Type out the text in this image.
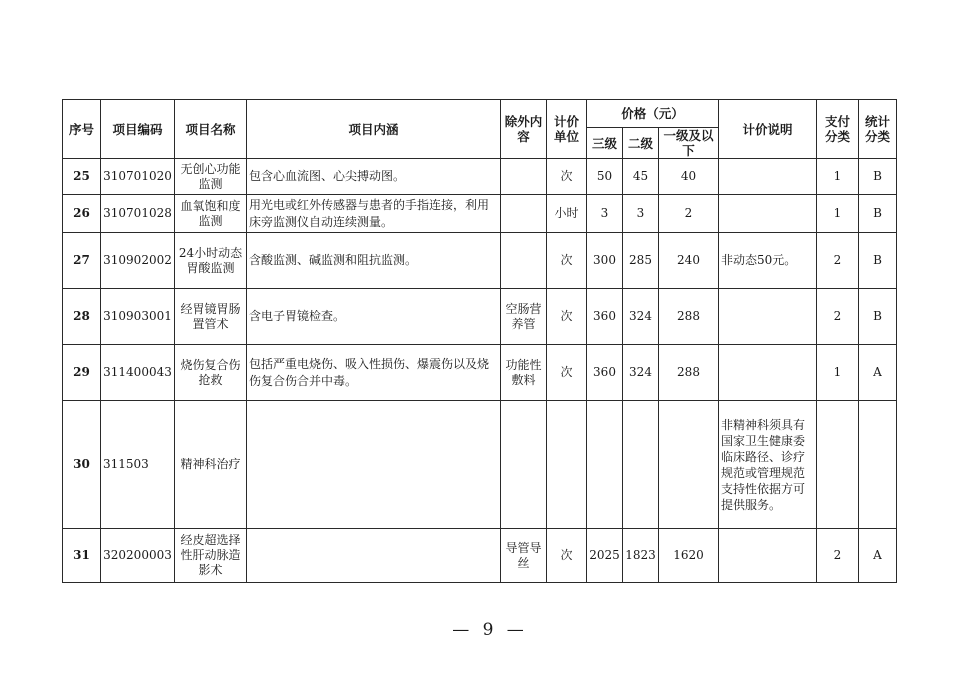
序号	项目编码	项目名称	项目内涵	除外内容	计价单位	价格（元）			计价说明	支付分类	统计分类
						三级	二级	一级及以下			
25	310701020	无创心功能监测	包含心血流图、心尖搏动图。		次	50	45	40		1	B
26	310701028	血氧饱和度监测	用光电或红外传感器与患者的手指连接，利用床旁监测仪自动连续测量。		小时	3	3	2		1	B
27	310902002	24小时动态胃酸监测	含酸监测、碱监测和阻抗监测。		次	300	285	240	非动态50元。	2	B
28	310903001	经胃镜胃肠置管术	含电子胃镜检查。	空肠营养管	次	360	324	288		2	B
29	311400043	烧伤复合伤抢救	包括严重电烧伤、吸入性损伤、爆震伤以及烧伤复合伤合并中毒。	功能性敷料	次	360	324	288		1	A
30	311503	精神科治疗							非精神科须具有国家卫生健康委临床路径、诊疗规范或管理规范支持性依据方可提供服务。		
31	320200003	经皮超选择性肝动脉造影术		导管导丝	次	2025	1823	1620		2	A
— 9 —
